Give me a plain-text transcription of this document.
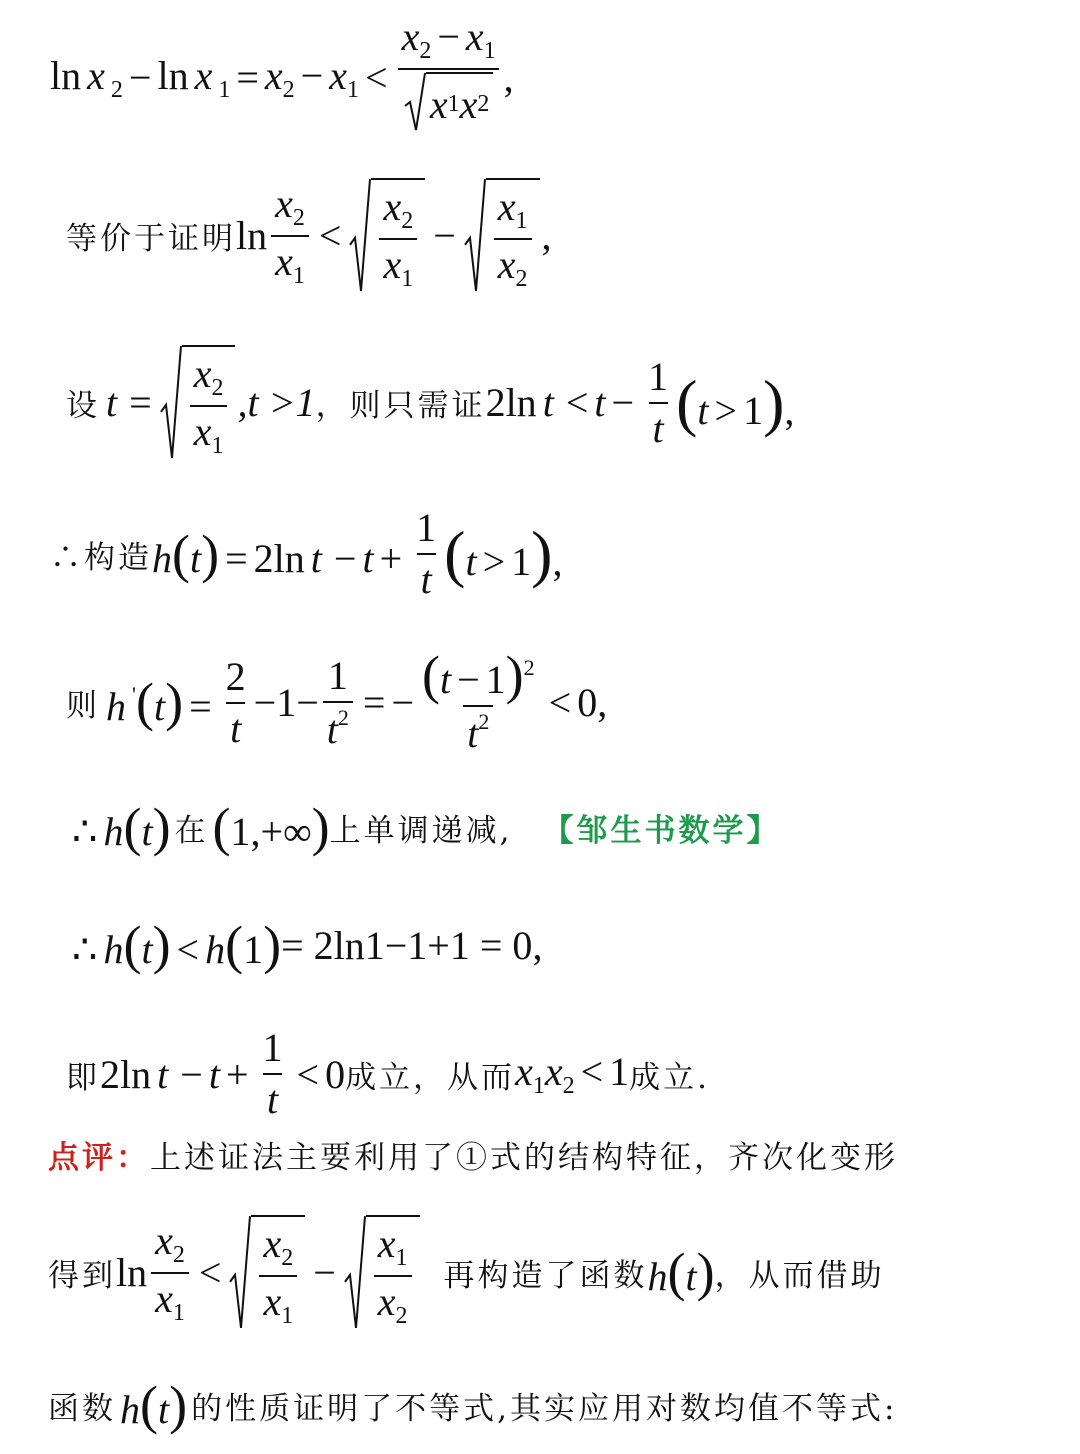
ln x $_2$ − ln x $_1 = x_2 - x_1 < \frac{x_2 - x_1}{x 1 x 2}$ ,
等价于证明 $\ln \frac{x_2}{x_1} < \frac{x_2}{x_1} - \frac{x_1}{x_2}$ ,
设 $t = \frac{x_2}{x_1} ,t >1$ ，则只需证 2ln $t < t - \frac{1}{t} (t > 1)$,
∴构造 h(t) = 2ln $t - t + \frac{1}{t} (t > 1)$,
则 h $'(t) = \frac{2}{t} -1- \frac{1}{t^2}$ = − $\frac{(t - 1)^2}{t^2} < 0$,
∴ h(t) 在 (1,+∞) 上单调递减, 【邹生书数学】
∴ h(t) < h(1) = 2ln1−1+1 = 0 ,
即 2ln $t - t + \frac{1}{t} < 0$ 成立，从而 $x_1x_2 < 1$ 成立.
点评： 上述证法主要利用了①式的结构特征，齐次化变形
得到 $\ln \frac{x_2}{x_1} < \frac{x_2}{x_1} - \frac{x_1}{x_2}$ 再构造了函数 h(t) ，从而借助
函数 h(t) 的性质证明了不等式,其实应用对数均值不等式:
